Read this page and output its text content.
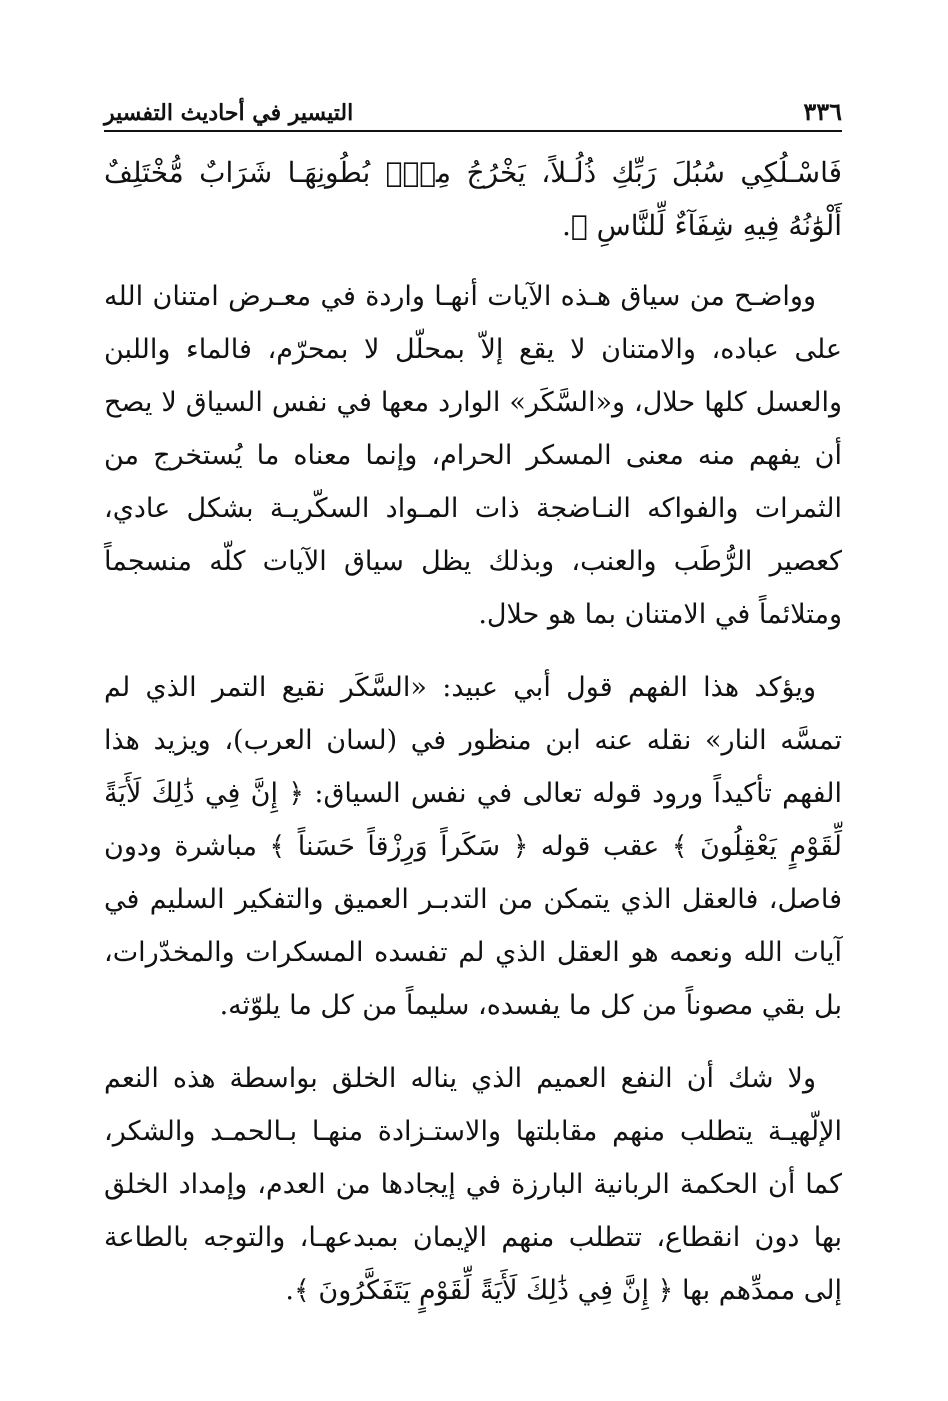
٣٣٦
التيسير في أحاديث التفسير

فَاسْـلُكِي سُبُلَ رَبِّكِ ذُلُـلاً، يَخْرُجُ مِنْۢ بُطُونِهَـا شَرَابٌ مُّخْتَلِفٌ أَلْوَٰنُهُ فِيهِ شِفَآءٌ لِّلنَّاسِ ﴾.

وواضـح من سياق هـذه الآيات أنهـا واردة في معـرض امتنان الله على عباده، والامتنان لا يقع إلاّ بمحلّل لا بمحرّم، فالماء واللبن والعسل كلها حلال، و«السَّكَر» الوارد معها في نفس السياق لا يصح أن يفهم منه معنى المسكر الحرام، وإنما معناه ما يُستخرج من الثمرات والفواكه النـاضجة ذات المـواد السكّريـة بشكل عادي، كعصير الرُّطَب والعنب، وبذلك يظل سياق الآيات كلّه منسجماً ومتلائماً في الامتنان بما هو حلال.

ويؤكد هذا الفهم قول أبي عبيد: «السَّكَر نقيع التمر الذي لم تمسَّه النار» نقله عنه ابن منظور في (لسان العرب)، ويزيد هذا الفهم تأكيداً ورود قوله تعالى في نفس السياق: ﴿ إِنَّ فِي ذَٰلِكَ لَأَيَةً لِّقَوْمٍ يَعْقِلُونَ ﴾ عقب قوله ﴿ سَكَراً وَرِزْقاً حَسَناً ﴾ مباشرة ودون فاصل، فالعقل الذي يتمكن من التدبـر العميق والتفكير السليم في آيات الله ونعمه هو العقل الذي لم تفسده المسكرات والمخدّرات، بل بقي مصوناً من كل ما يفسده، سليماً من كل ما يلوّثه.

ولا شك أن النفع العميم الذي يناله الخلق بواسطة هذه النعم الإلّهيـة يتطلب منهم مقابلتها والاستـزادة منهـا بـالحمـد والشكر، كما أن الحكمة الربانية البارزة في إيجادها من العدم، وإمداد الخلق بها دون انقطاع، تتطلب منهم الإيمان بمبدعهـا، والتوجه بالطاعة إلى ممدِّهم بها ﴿ إِنَّ فِي ذَٰلِكَ لَأَيَةً لِّقَوْمٍ يَتَفَكَّرُونَ ﴾.
